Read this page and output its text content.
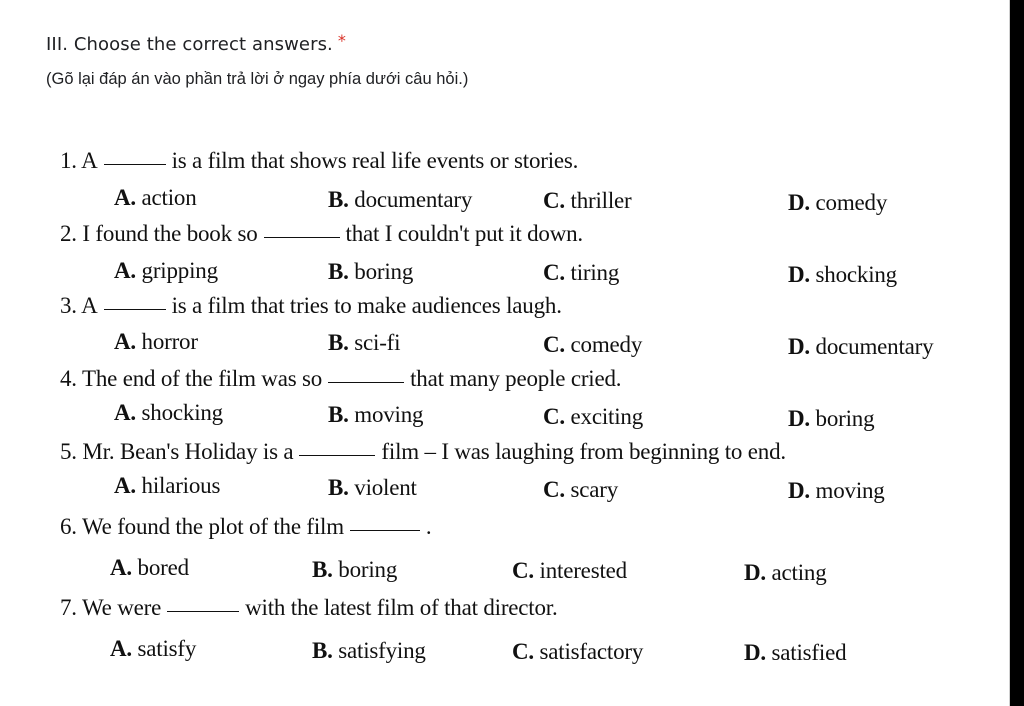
III. Choose the correct answers. *
(Gõ lại đáp án vào phần trả lời ở ngay phía dưới câu hỏi.)
1. A	is a film that shows real life events or stories.
A. action	B. documentary	C. thriller	D. comedy
2. I found the book so	that I couldn't put it down.
A. gripping	B. boring	C. tiring	D. shocking
3. A	is a film that tries to make audiences laugh.
A. horror	B. sci-fi	C. comedy	D. documentary
4. The end of the film was so	that many people cried.
A. shocking	B. moving	C. exciting	D. boring
5. Mr. Bean's Holiday is a	film – I was laughing from beginning to end.
A. hilarious	B. violent	C. scary	D. moving
6. We found the plot of the film	.
A. bored	B. boring	C. interested	D. acting
7. We were	with the latest film of that director.
A. satisfy	B. satisfying	C. satisfactory	D. satisfied
